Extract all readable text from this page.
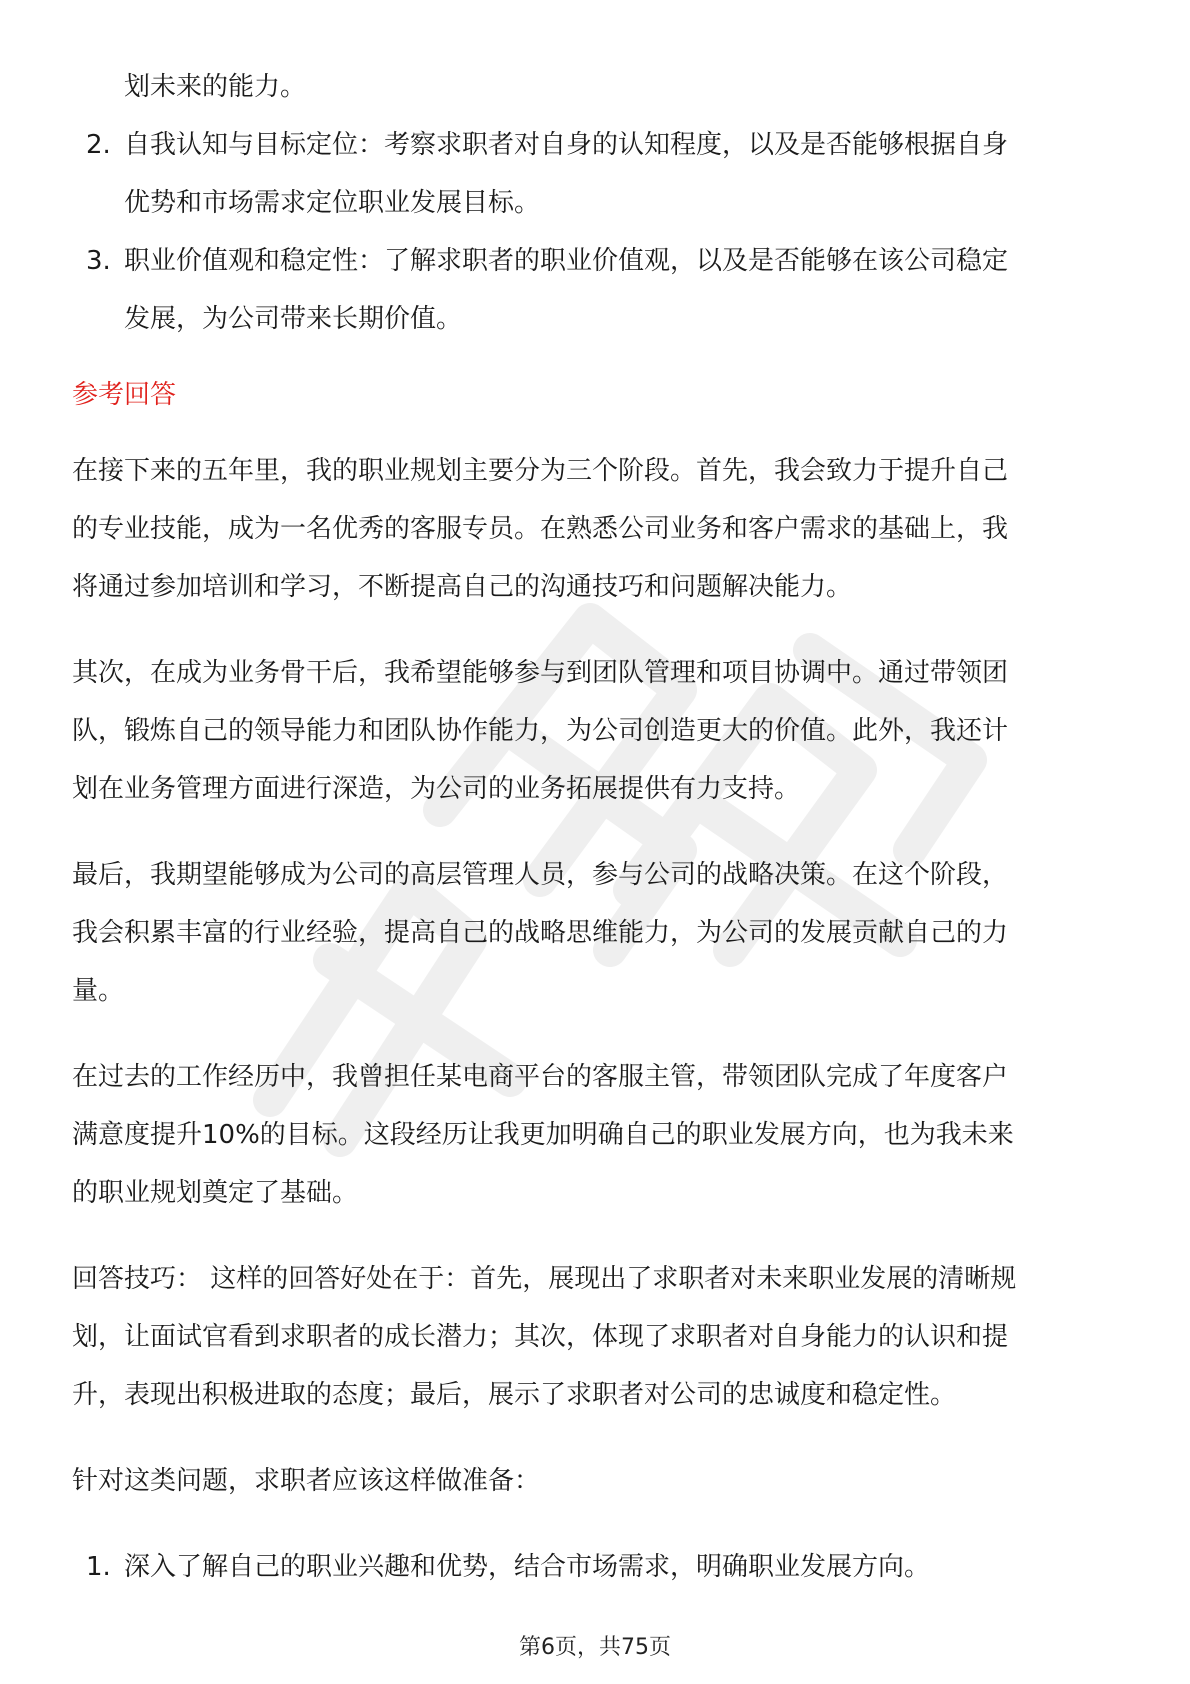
划未来的能力。

2. 自我认知与目标定位：考察求职者对自身的认知程度，以及是否能够根据自身

优势和市场需求定位职业发展目标。

3. 职业价值观和稳定性：了解求职者的职业价值观，以及是否能够在该公司稳定

发展，为公司带来长期价值。

参考回答

在接下来的五年里，我的职业规划主要分为三个阶段。首先，我会致力于提升自己

的专业技能，成为一名优秀的客服专员。在熟悉公司业务和客户需求的基础上，我

将通过参加培训和学习，不断提高自己的沟通技巧和问题解决能力。

其次，在成为业务骨干后，我希望能够参与到团队管理和项目协调中。通过带领团

队，锻炼自己的领导能力和团队协作能力，为公司创造更大的价值。此外，我还计

划在业务管理方面进行深造，为公司的业务拓展提供有力支持。

最后，我期望能够成为公司的高层管理人员，参与公司的战略决策。在这个阶段，

我会积累丰富的行业经验，提高自己的战略思维能力，为公司的发展贡献自己的力

量。

在过去的工作经历中，我曾担任某电商平台的客服主管，带领团队完成了年度客户

满意度提升10%的目标。这段经历让我更加明确自己的职业发展方向，也为我未来

的职业规划奠定了基础。

回答技巧： 这样的回答好处在于：首先，展现出了求职者对未来职业发展的清晰规

划，让面试官看到求职者的成长潜力；其次，体现了求职者对自身能力的认识和提

升，表现出积极进取的态度；最后，展示了求职者对公司的忠诚度和稳定性。

针对这类问题，求职者应该这样做准备：

1. 深入了解自己的职业兴趣和优势，结合市场需求，明确职业发展方向。

第6页，共75页
